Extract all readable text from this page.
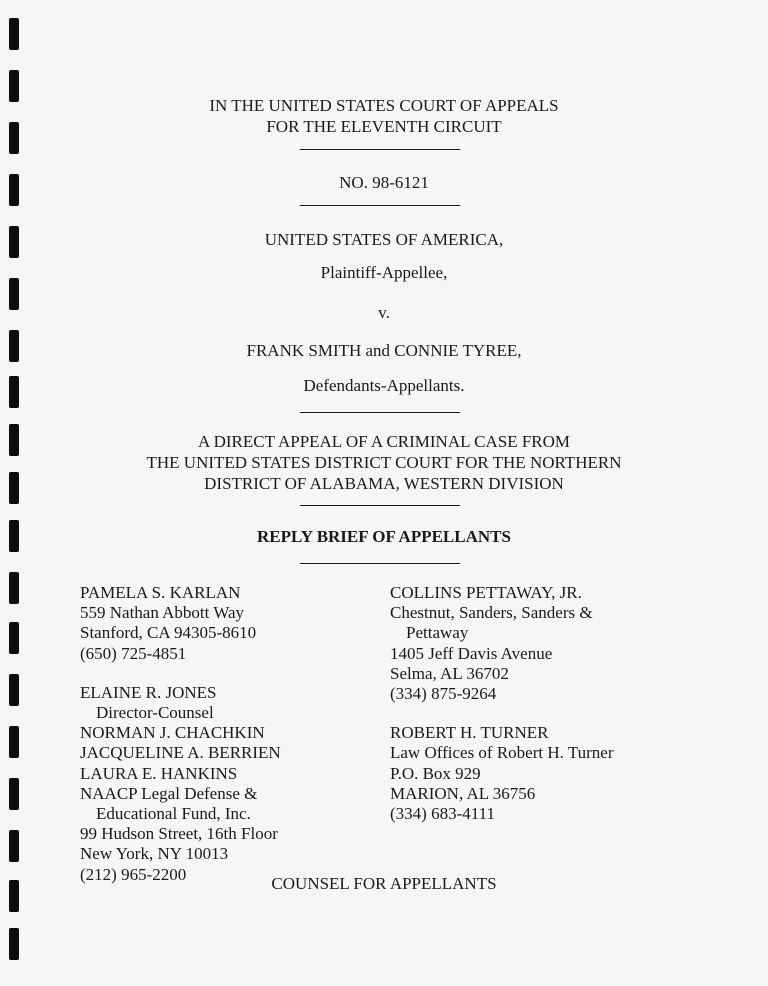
IN THE UNITED STATES COURT OF APPEALS
FOR THE ELEVENTH CIRCUIT
NO. 98-6121
UNITED STATES OF AMERICA,
Plaintiff-Appellee,
v.
FRANK SMITH and CONNIE TYREE,
Defendants-Appellants.
A DIRECT APPEAL OF A CRIMINAL CASE FROM
THE UNITED STATES DISTRICT COURT FOR THE NORTHERN
DISTRICT OF ALABAMA, WESTERN DIVISION
REPLY BRIEF OF APPELLANTS
PAMELA S. KARLAN
559 Nathan Abbott Way
Stanford, CA 94305-8610
(650) 725-4851
ELAINE R. JONES
Director-Counsel
NORMAN J. CHACHKIN
JACQUELINE A. BERRIEN
LAURA E. HANKINS
NAACP Legal Defense &
Educational Fund, Inc.
99 Hudson Street, 16th Floor
New York, NY 10013
(212) 965-2200
COLLINS PETTAWAY, JR.
Chestnut, Sanders, Sanders &
Pettaway
1405 Jeff Davis Avenue
Selma, AL 36702
(334) 875-9264
ROBERT H. TURNER
Law Offices of Robert H. Turner
P.O. Box 929
MARION, AL 36756
(334) 683-4111
COUNSEL FOR APPELLANTS
